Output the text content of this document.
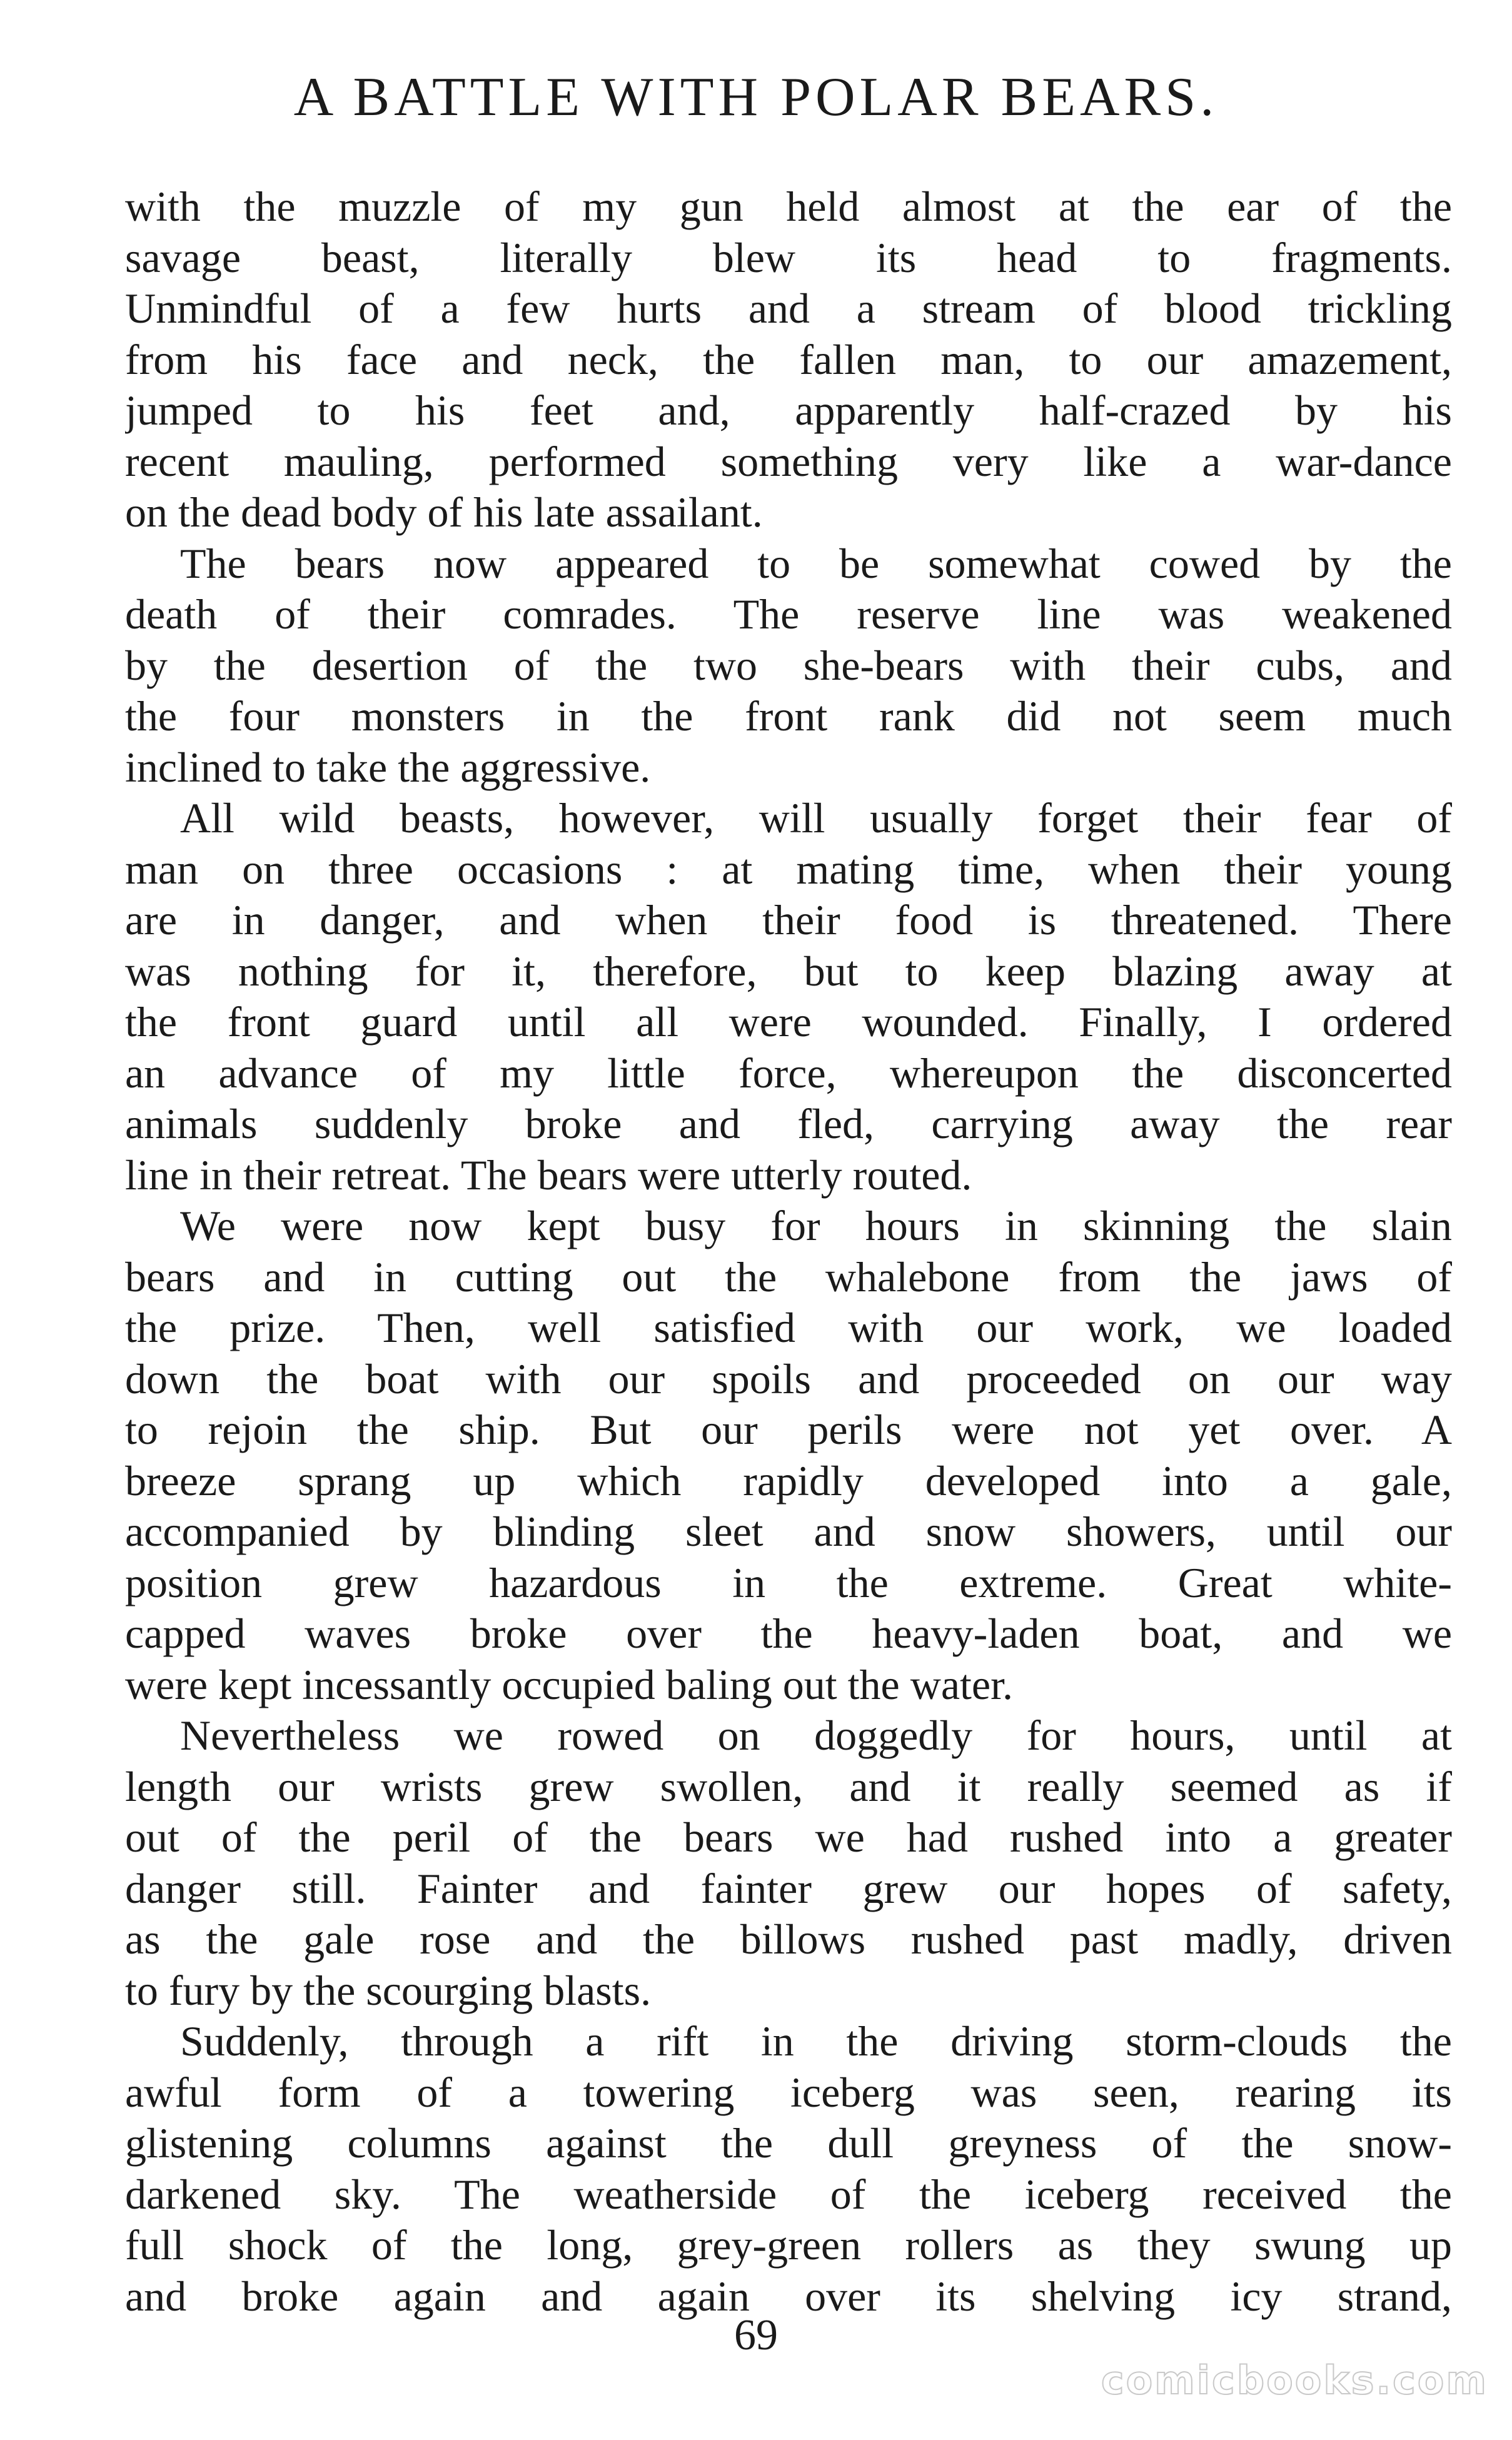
A BATTLE WITH POLAR BEARS.
with the muzzle of my gun held almost at the ear of the
savage beast, literally blew its head to fragments.
Unmindful of a few hurts and a stream of blood trickling
from his face and neck, the fallen man, to our amazement,
jumped to his feet and, apparently half-crazed by his
recent mauling, performed something very like a war-dance
on the dead body of his late assailant.
The bears now appeared to be somewhat cowed by the
death of their comrades. The reserve line was weakened
by the desertion of the two she-bears with their cubs, and
the four monsters in the front rank did not seem much
inclined to take the aggressive.
All wild beasts, however, will usually forget their fear of
man on three occasions : at mating time, when their young
are in danger, and when their food is threatened. There
was nothing for it, therefore, but to keep blazing away at
the front guard until all were wounded. Finally, I ordered
an advance of my little force, whereupon the disconcerted
animals suddenly broke and fled, carrying away the rear
line in their retreat. The bears were utterly routed.
We were now kept busy for hours in skinning the slain
bears and in cutting out the whalebone from the jaws of
the prize. Then, well satisfied with our work, we loaded
down the boat with our spoils and proceeded on our way
to rejoin the ship. But our perils were not yet over. A
breeze sprang up which rapidly developed into a gale,
accompanied by blinding sleet and snow showers, until our
position grew hazardous in the extreme. Great white-
capped waves broke over the heavy-laden boat, and we
were kept incessantly occupied baling out the water.
Nevertheless we rowed on doggedly for hours, until at
length our wrists grew swollen, and it really seemed as if
out of the peril of the bears we had rushed into a greater
danger still. Fainter and fainter grew our hopes of safety,
as the gale rose and the billows rushed past madly, driven
to fury by the scourging blasts.
Suddenly, through a rift in the driving storm-clouds the
awful form of a towering iceberg was seen, rearing its
glistening columns against the dull greyness of the snow-
darkened sky. The weatherside of the iceberg received the
full shock of the long, grey-green rollers as they swung up
and broke again and again over its shelving icy strand,
69
comicbooks.com
